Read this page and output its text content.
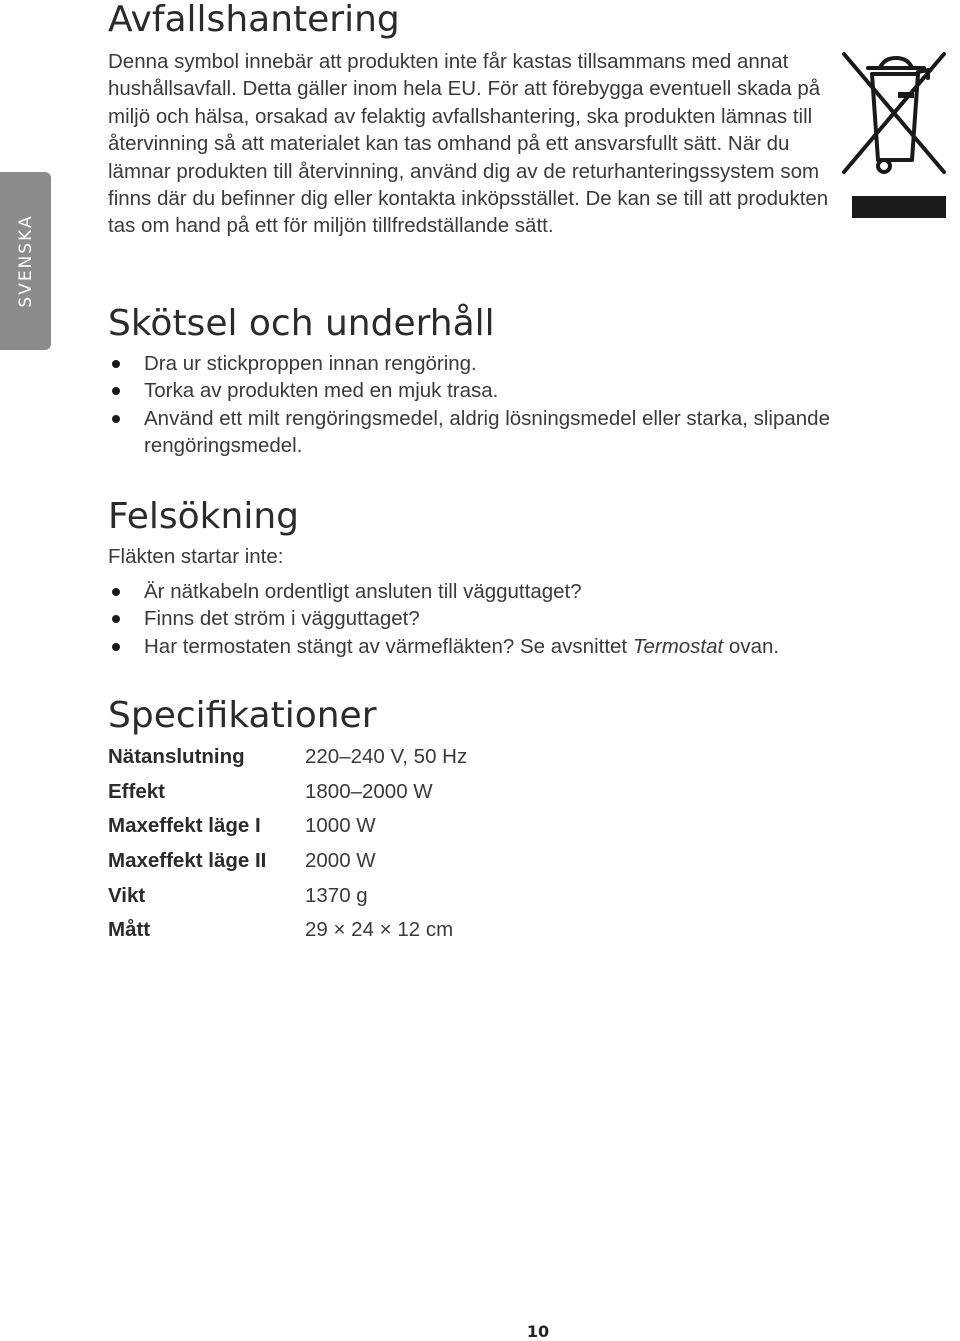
SVENSKA
Avfallshantering

Denna symbol innebär att produkten inte får kastas tillsammans med annat hushållsavfall. Detta gäller inom hela EU. För att förebygga eventuell skada på miljö och hälsa, orsakad av felaktig avfallshantering, ska produkten lämnas till återvinning så att materialet kan tas omhand på ett ansvarsfullt sätt. När du lämnar produkten till återvinning, använd dig av de returhanteringssystem som finns där du befinner dig eller kontakta inköpsstället. De kan se till att produkten tas om hand på ett för miljön tillfredställande sätt.

Skötsel och underhåll
Dra ur stickproppen innan rengöring.
Torka av produkten med en mjuk trasa.
Använd ett milt rengöringsmedel, aldrig lösningsmedel eller starka, slipande rengöringsmedel.
Felsökning

Fläkten startar inte:

Är nätkabeln ordentligt ansluten till vägguttaget?
Finns det ström i vägguttaget?
Har termostaten stängt av värmefläkten? Se avsnittet Termostat ovan.
Specifikationer
Nätanslutning	220–240 V, 50 Hz
Effekt	1800–2000 W
Maxeffekt läge I	1000 W
Maxeffekt läge II	2000 W
Vikt	1370 g
Mått	29 × 24 × 12 cm
10
